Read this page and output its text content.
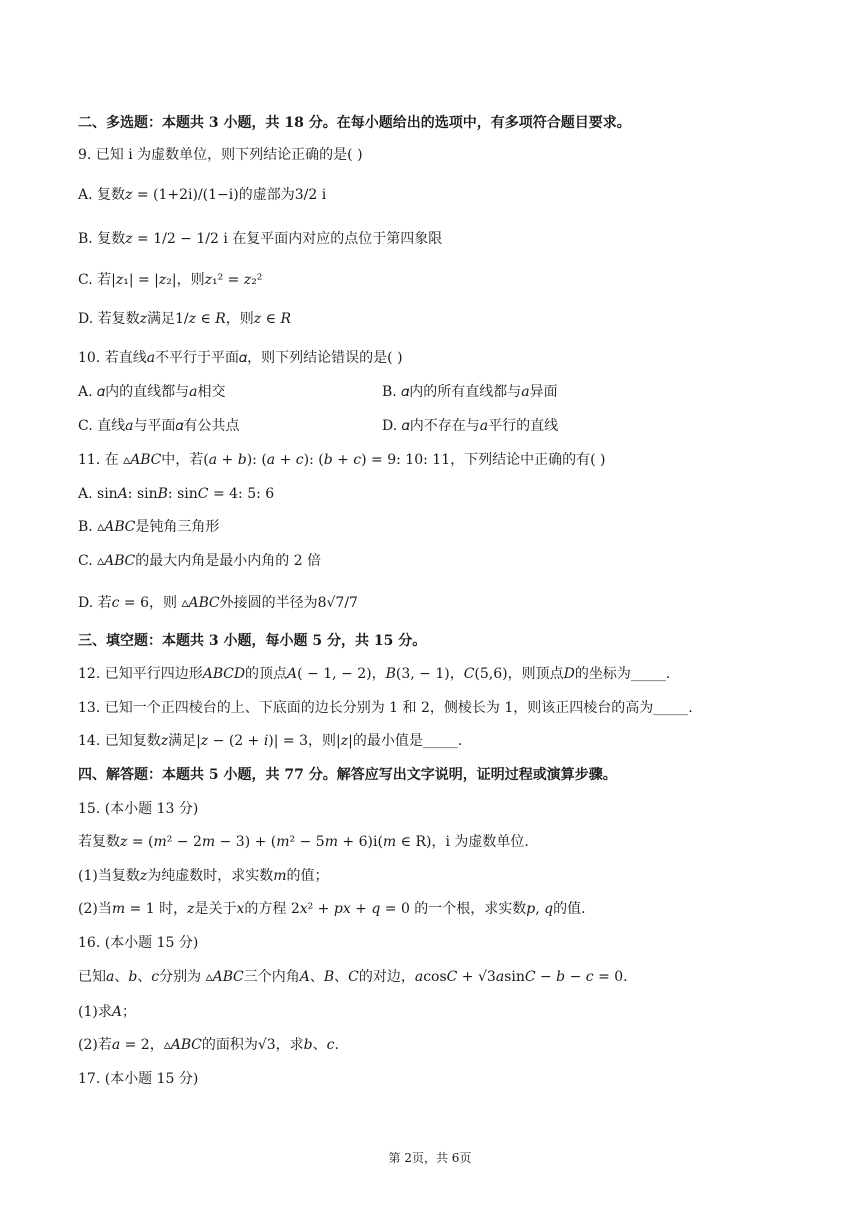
二、多选题：本题共 3 小题，共 18 分。在每小题给出的选项中，有多项符合题目要求。
9. 已知 i 为虚数单位，则下列结论正确的是( )
A. 复数𝑧 = (1+2i)/(1−i)的虚部为3/2 i
B. 复数𝑧 = 1/2 − 1/2 i 在复平面内对应的点位于第四象限
C. 若|𝑧₁| = |𝑧₂|，则𝑧₁² = 𝑧₂²
D. 若复数𝑧满足1/𝑧 ∈ 𝑅，则𝑧 ∈ 𝑅
10. 若直线𝑎不平行于平面𝛼，则下列结论错误的是( )
A. 𝛼内的直线都与𝑎相交	B. 𝛼内的所有直线都与𝑎异面
C. 直线𝑎与平面𝛼有公共点	D. 𝛼内不存在与𝑎平行的直线
11. 在 ▵𝐴𝐵𝐶中，若(𝑎 + 𝑏): (𝑎 + 𝑐): (𝑏 + 𝑐) = 9: 10: 11，下列结论中正确的有( )
A. sin𝐴: sin𝐵: sin𝐶 = 4: 5: 6
B. ▵𝐴𝐵𝐶是钝角三角形
C. ▵𝐴𝐵𝐶的最大内角是最小内角的 2 倍
D. 若𝑐 = 6，则 ▵𝐴𝐵𝐶外接圆的半径为8√7/7
三、填空题：本题共 3 小题，每小题 5 分，共 15 分。
12. 已知平行四边形𝐴𝐵𝐶𝐷的顶点𝐴( − 1, − 2)，𝐵(3, − 1)，𝐶(5,6)，则顶点𝐷的坐标为_____.
13. 已知一个正四棱台的上、下底面的边长分别为 1 和 2，侧棱长为 1，则该正四棱台的高为_____.
14. 已知复数𝑧满足|𝑧 − (2 + 𝑖)| = 3，则|𝑧|的最小值是_____.
四、解答题：本题共 5 小题，共 77 分。解答应写出文字说明，证明过程或演算步骤。
15. (本小题 13 分)
若复数𝑧 = (𝑚² − 2𝑚 − 3) + (𝑚² − 5𝑚 + 6)i(𝑚 ∈ R)，i 为虚数单位.
(1)当复数𝑧为纯虚数时，求实数𝑚的值；
(2)当𝑚 = 1 时，𝑧是关于𝑥的方程 2𝑥² + 𝑝𝑥 + 𝑞 = 0 的一个根，求实数𝑝, 𝑞的值.
16. (本小题 15 分)
已知𝑎、𝑏、𝑐分别为 ▵𝐴𝐵𝐶三个内角𝐴、𝐵、𝐶的对边，𝑎cos𝐶 + √3𝑎sin𝐶 − 𝑏 − 𝑐 = 0.
(1)求𝐴；
(2)若𝑎 = 2，▵𝐴𝐵𝐶的面积为√3，求𝑏、𝑐.
17. (本小题 15 分)
第 2页，共 6页
